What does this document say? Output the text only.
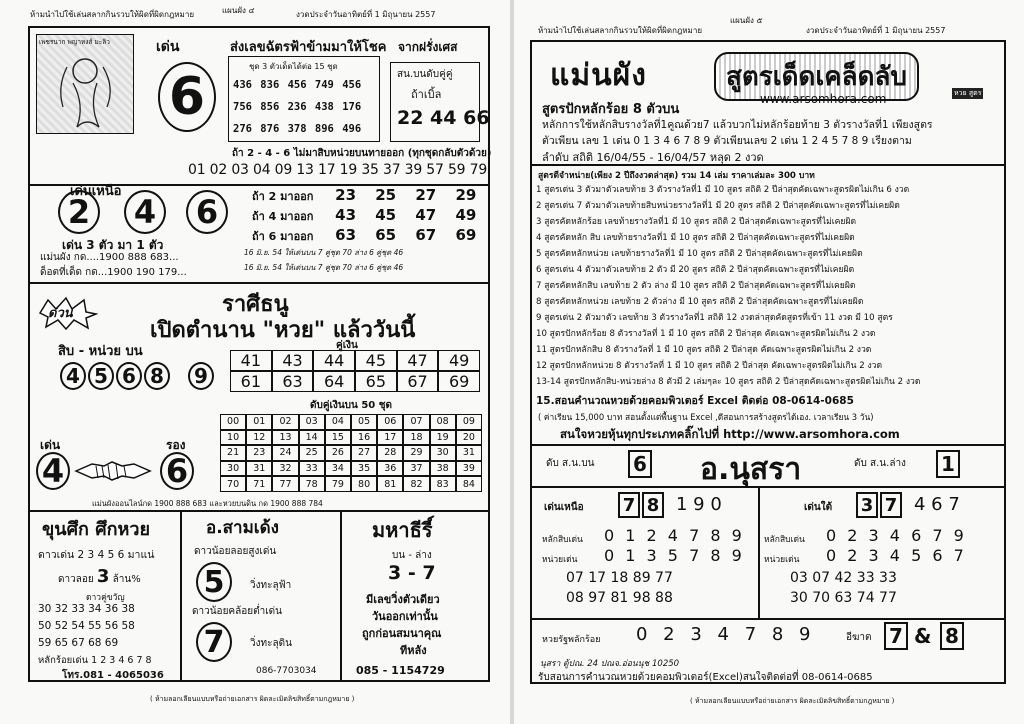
ห้ามนำไปใช้เล่นสลากกินรวบให้ผิดที่ผิดกฎหมาย	แผนผัง ๔	งวดประจำวันอาทิตย์ที่ 1 มิถุนายน 2557
เพชรนาก พญาหงส์ มะลิว	เด่น
6
ส่งเลขฉัตรฟ้าข้ามมาให้โชค
ชุด 3 ตัวเด็ดได้ต่อ 15 ชุด
436 836 456 749 456
756 856 236 438 176
276 876 378 896 496
จากฝรั่งเศส
สน.บนดับคู่คู่
ถ้าเบิ้ล
22 44 66
ถ้า 2 - 4 - 6 ไม่มาสิบหน่วยบนทายออก (ทุกชุดกลับตัวด้วย)
01 02 03 04 09 13 17 19 35 37 39 57 59 79
เด่นเหนือ
2	4	6
เด่น 3 ตัว มา 1 ตัว
แม่นผัง กด....1900 888 683...
ด็อตที่เด็ด กด...1900 190 179...
ถ้า 2 มาออก 23 25 27 29
ถ้า 4 มาออก 43 45 47 49
ถ้า 6 มาออก 63 65 67 69
16 มิ.ย. 54 ให้เด่นบน 7 คู่ชุด 70 ล่าง 6 คู่ชุด 46
16 มิ.ย. 54 ให้เด่นบน 7 คู่ชุด 70 ล่าง 6 คู่ชุด 46
ด่วน	ราศีธนู
เปิดตำนาน "หวย" แล้ววันนี้
คู่เงิน
สิบ - หน่วย บน
4 5 6 8	9
41	43	44	45	47	49
61	63	64	65	67	69
ดับคู่เงินบน 50 ชุด
00	01	02	03	04	05	06	07	08	09
10	12	13	14	15	16	17	18	19	20
21	23	24	25	26	27	28	29	30	31
30	31	32	33	34	35	36	37	38	39
70	71	77	78	79	80	81	82	83	84
เด่น
4
รอง
6
แม่นผังออนไลน์กด 1900 888 683 และหวยบนดิน กด 1900 888 784
ขุนศึก ศึกหวย
ดาวเด่น 2 3 4 5 6 มาแน่
ดาวลอย 3 ล้าน%
ดาวคู่ขวัญ
30 32 33 34 36 38
50 52 54 55 56 58
59 65 67 68 69
หลักร้อยเด่น 1 2 3 4 6 7 8
โทร.081 - 4065036
อ.สามเด้ง
ดาวน้อยลอยสูงเด่น
5	วิ่งทะลุฟ้า
ดาวน้อยคล้อยต่ำเด่น
7	วิ่งทะลุดิน
086-7703034
มหาธีรี์
บน - ล่าง
3 - 7
มีเลขวิ่งตัวเดียว
วันออกเท่านั้น
ถูกก่อนสมนาคุณ
ทีหลัง
085 - 1154729
( ห้ามลอกเลียนแบบหรือถ่ายเอกสาร ผิดละเมิดลิขสิทธิ์ตามกฎหมาย )
ห้ามนำไปใช้เล่นสลากกินรวบให้ผิดที่ผิดกฎหมาย
แผนผัง ๕
งวดประจำวันอาทิตย์ที่ 1 มิถุนายน 2557
แม่นผัง	สูตรเด็ดเคล็ดลับ
หวย สูตร
www.arsomhora.com
สูตรปักหลักร้อย 8 ตัวบน
หลักการใช้หลักสิบรางวัลที่1คูณด้วย7 แล้วบวกไม่หลักร้อยท้าย 3 ตัวรางวัลที่1 เพียงสูตร
ตัวเพียน เลข 1 เด่น 0 1 3 4 6 7 8 9 ตัวเพียนเลข 2 เด่น 1 2 4 5 7 8 9 เรียงตาม
ลำดับ สถิติ 16/04/55 - 16/04/57 หลุด 2 งวด
สูตรดีจำหน่าย(เพียง 2 ปีถึงงวดล่าสุด) รวม 14 เล่ม ราคาเล่มละ 300 บาท
1 สูตรเด่น 3 ตัวมาตัวเลขท้าย 3 ตัวรางวัลที่1 มี 10 สูตร สถิติ 2 ปีล่าสุดคัดเฉพาะสูตรผิดไม่เกิน 6 งวด
2 สูตรเด่น 7 ตัวมาตัวเลขท้ายสิบหน่วยรางวัลที่1 มี 20 สูตร สถิติ 2 ปีล่าสุดคัดเฉพาะสูตรที่ไม่เคยผิด
3 สูตรคัดหลักร้อย เลขท้ายรางวัลที่1 มี 10 สูตร สถิติ 2 ปีล่าสุดคัดเฉพาะสูตรที่ไม่เคยผิด
4 สูตรคัดหลัก สิบ เลขท้ายรางวัลที่1 มี 10 สูตร สถิติ 2 ปีล่าสุดคัดเฉพาะสูตรที่ไม่เคยผิด
5 สูตรคัดหลักหน่วย เลขท้ายรางวัลที่1 มี 10 สูตร สถิติ 2 ปีล่าสุดคัดเฉพาะสูตรที่ไม่เคยผิด
6 สูตรเด่น 4 ตัวมาตัวเลขท้าย 2 ตัว มี 20 สูตร สถิติ 2 ปีล่าสุดคัดเฉพาะสูตรที่ไม่เคยผิด
7 สูตรคัดหลักสิบ เลขท้าย 2 ตัว ล่าง มี 10 สูตร สถิติ 2 ปีล่าสุดคัดเฉพาะสูตรที่ไม่เคยผิด
8 สูตรคัดหลักหน่วย เลขท้าย 2 ตัวล่าง มี 10 สูตร สถิติ 2 ปีล่าสุดคัดเฉพาะสูตรที่ไม่เคยผิด
9 สูตรเด่น 2 ตัวมาตัว เลขท้าย 3 ตัวรางวัลที่1 สถิติ 12 งวดล่าสุดคัดสูตรที่เข้า 11 งวด มี 10 สูตร
10 สูตรปักหลักร้อย 8 ตัวรางวัลที่ 1 มี 10 สูตร สถิติ 2 ปีล่าสุด คัดเฉพาะสูตรผิดไม่เกิน 2 งวด
11 สูตรปักหลักสิบ 8 ตัวรางวัลที่ 1 มี 10 สูตร สถิติ 2 ปีล่าสุด คัดเฉพาะสูตรผิดไม่เกิน 2 งวด
12 สูตรปักหลักหน่วย 8 ตัวรางวัลที่ 1 มี 10 สูตร สถิติ 2 ปีล่าสุด คัดเฉพาะสูตรผิดไม่เกิน 2 งวด
13-14 สูตรปักหลักสิบ-หน่วยล่าง 8 ตัวมี 2 เล่มๆละ 10 สูตร สถิติ 2 ปีล่าสุดคัดเฉพาะสูตรผิดไม่เกิน 2 งวด
15.สอนคำนวณหวยด้วยคอมพิวเตอร์ Excel ติดต่อ 08-0614-0685
( ค่าเรียน 15,000 บาท สอนตั้งแต่พื้นฐาน Excel ,ดีสอนการสร้างสูตรได้เอง. เวลาเรียน 3 วัน)
สนใจหวยหุ้นทุกประเภทคลิ๊กไปที่ http://www.arsomhora.com
ดับ ส.น.บน 6 อ.นุสรา	ดับ ส.น.ล่าง 1
เด่นเหนือ 7 8 1 9 0
หลักสิบเด่น 0 1 2 4 7 8 9
หน่วยเด่น 0 1 3 5 7 8 9
07 17 18 89 77
08 97 81 98 88
เด่นใต้ 3 7 4 6 7
หลักสิบเด่น 0 2 3 4 6 7 9
หน่วยเด่น 0 2 3 4 5 6 7
03 07 42 33 33
30 70 63 74 77
หวยรัฐพลักร้อย 0 2 3 4 7 8 9	อีฆาต 7 & 8
นุสรา ตู้ปณ. 24 ปณจ.อ่อนนุช 10250
รับสอนการคำนวณหวยด้วยคอมพิวเตอร์(Excel)สนใจติดต่อที่ 08-0614-0685
( ห้ามลอกเลียนแบบหรือถ่ายเอกสาร ผิดละเมิดลิขสิทธิ์ตามกฎหมาย )
